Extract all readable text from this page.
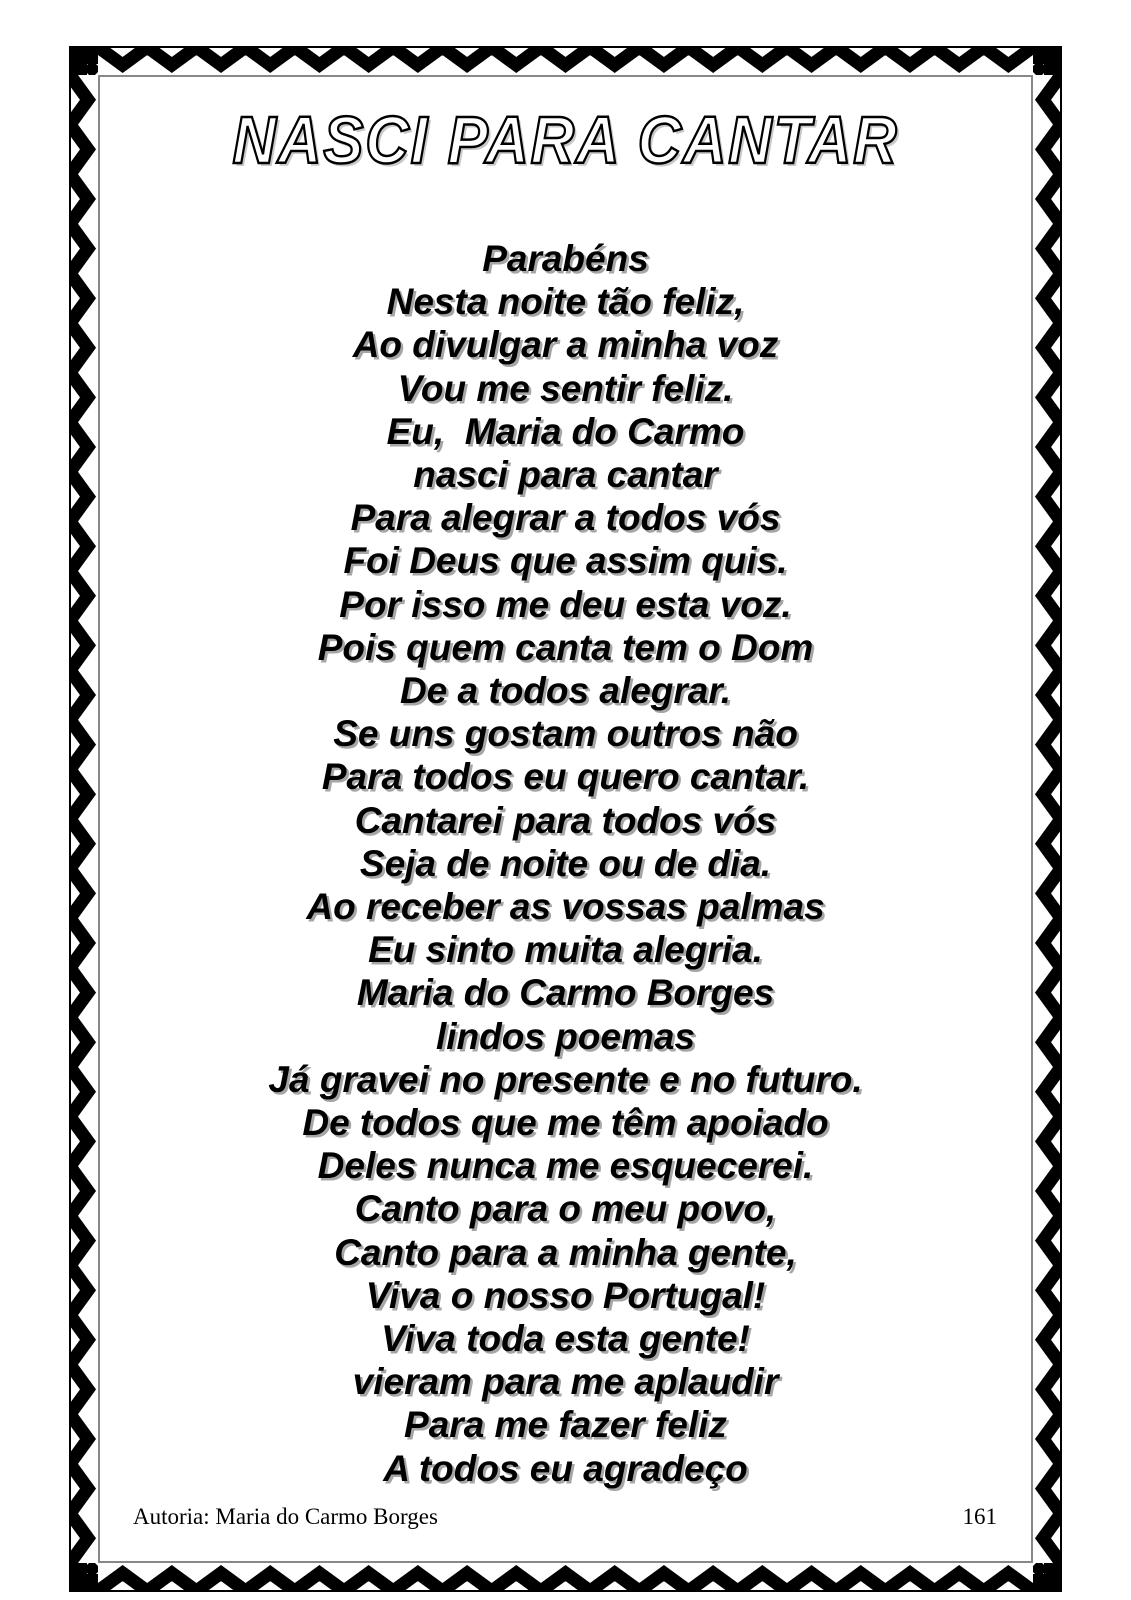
NASCI PARA CANTAR
Parabéns
Nesta noite tão feliz,
Ao divulgar a minha voz
Vou me sentir feliz.
Eu,  Maria do Carmo
nasci para cantar
Para alegrar a todos vós
Foi Deus que assim quis.
Por isso me deu esta voz.
Pois quem canta tem o Dom
De a todos alegrar.
Se uns gostam outros não
Para todos eu quero cantar.
Cantarei para todos vós
Seja de noite ou de dia.
Ao receber as vossas palmas
Eu sinto muita alegria.
Maria do Carmo Borges
lindos poemas
Já gravei no presente e no futuro.
De todos que me têm apoiado
Deles nunca me esquecerei.
Canto para o meu povo,
Canto para a minha gente,
Viva o nosso Portugal!
Viva toda esta gente!
vieram para me aplaudir
Para me fazer feliz
A todos eu agradeço
Autoria: Maria do Carmo Borges	161
